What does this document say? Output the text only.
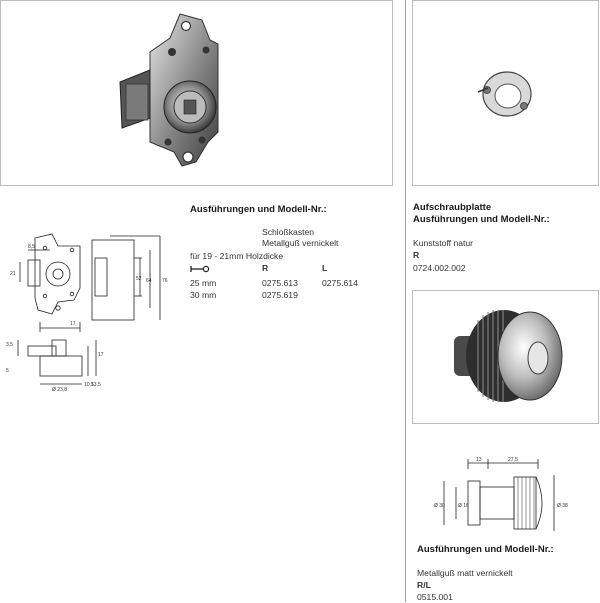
8,5
21
52 64 76
17
3,5
5
10,5
13,5
17
Ø 23,8
13	27,5
Ø 30	Ø 16	Ø 38
Ausführungen und Modell-Nr.:
Schloßkasten
Metallguß vernickelt
für 19 - 21mm Holzdicke
R	L
25 mm	0275.613	0275.614
30 mm	0275.619
Aufschraubplatte
Ausführungen und Modell-Nr.:
Kunststoff natur
R
0724.002.002
Ausführungen und Modell-Nr.:
Metallguß matt vernickelt
R/L
0515.001
